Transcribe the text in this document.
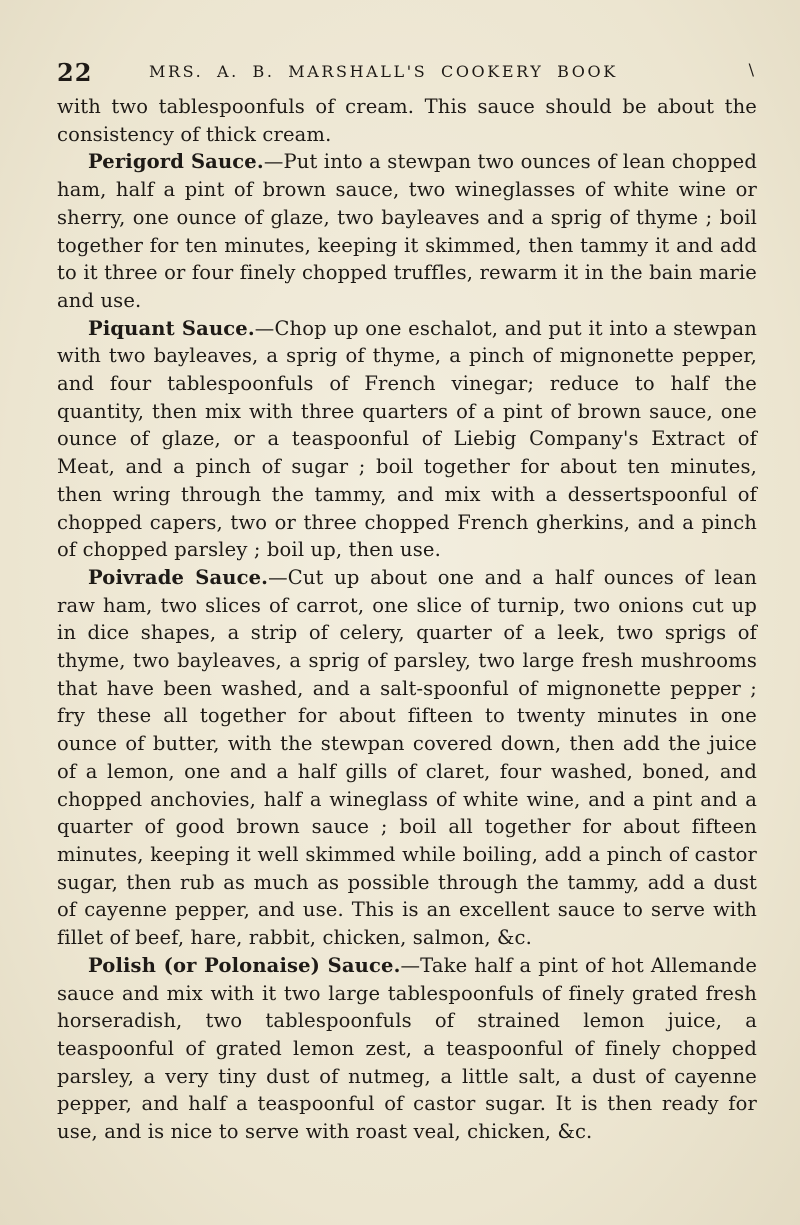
22	MRS. A. B. MARSHALL'S COOKERY BOOK	\

with two tablespoonfuls of cream. This sauce should be about the consistency of thick cream.

Perigord Sauce.—Put into a stewpan two ounces of lean chopped ham, half a pint of brown sauce, two wineglasses of white wine or sherry, one ounce of glaze, two bayleaves and a sprig of thyme ; boil together for ten minutes, keeping it skimmed, then tammy it and add to it three or four finely chopped truffles, rewarm it in the bain marie and use.

Piquant Sauce.—Chop up one eschalot, and put it into a stewpan with two bayleaves, a sprig of thyme, a pinch of mignonette pepper, and four tablespoonfuls of French vinegar; reduce to half the quantity, then mix with three quarters of a pint of brown sauce, one ounce of glaze, or a teaspoonful of Liebig Company's Extract of Meat, and a pinch of sugar ; boil together for about ten minutes, then wring through the tammy, and mix with a dessertspoonful of chopped capers, two or three chopped French gherkins, and a pinch of chopped parsley ; boil up, then use.

Poivrade Sauce.—Cut up about one and a half ounces of lean raw ham, two slices of carrot, one slice of turnip, two onions cut up in dice shapes, a strip of celery, quarter of a leek, two sprigs of thyme, two bayleaves, a sprig of parsley, two large fresh mushrooms that have been washed, and a salt-spoonful of mignonette pepper ; fry these all together for about fifteen to twenty minutes in one ounce of butter, with the stewpan covered down, then add the juice of a lemon, one and a half gills of claret, four washed, boned, and chopped anchovies, half a wineglass of white wine, and a pint and a quarter of good brown sauce ; boil all together for about fifteen minutes, keeping it well skimmed while boiling, add a pinch of castor sugar, then rub as much as possible through the tammy, add a dust of cayenne pepper, and use. This is an excellent sauce to serve with fillet of beef, hare, rabbit, chicken, salmon, &c.

Polish (or Polonaise) Sauce.—Take half a pint of hot Allemande sauce and mix with it two large tablespoonfuls of finely grated fresh horseradish, two tablespoonfuls of strained lemon juice, a teaspoonful of grated lemon zest, a teaspoonful of finely chopped parsley, a very tiny dust of nutmeg, a little salt, a dust of cayenne pepper, and half a teaspoonful of castor sugar. It is then ready for use, and is nice to serve with roast veal, chicken, &c.
